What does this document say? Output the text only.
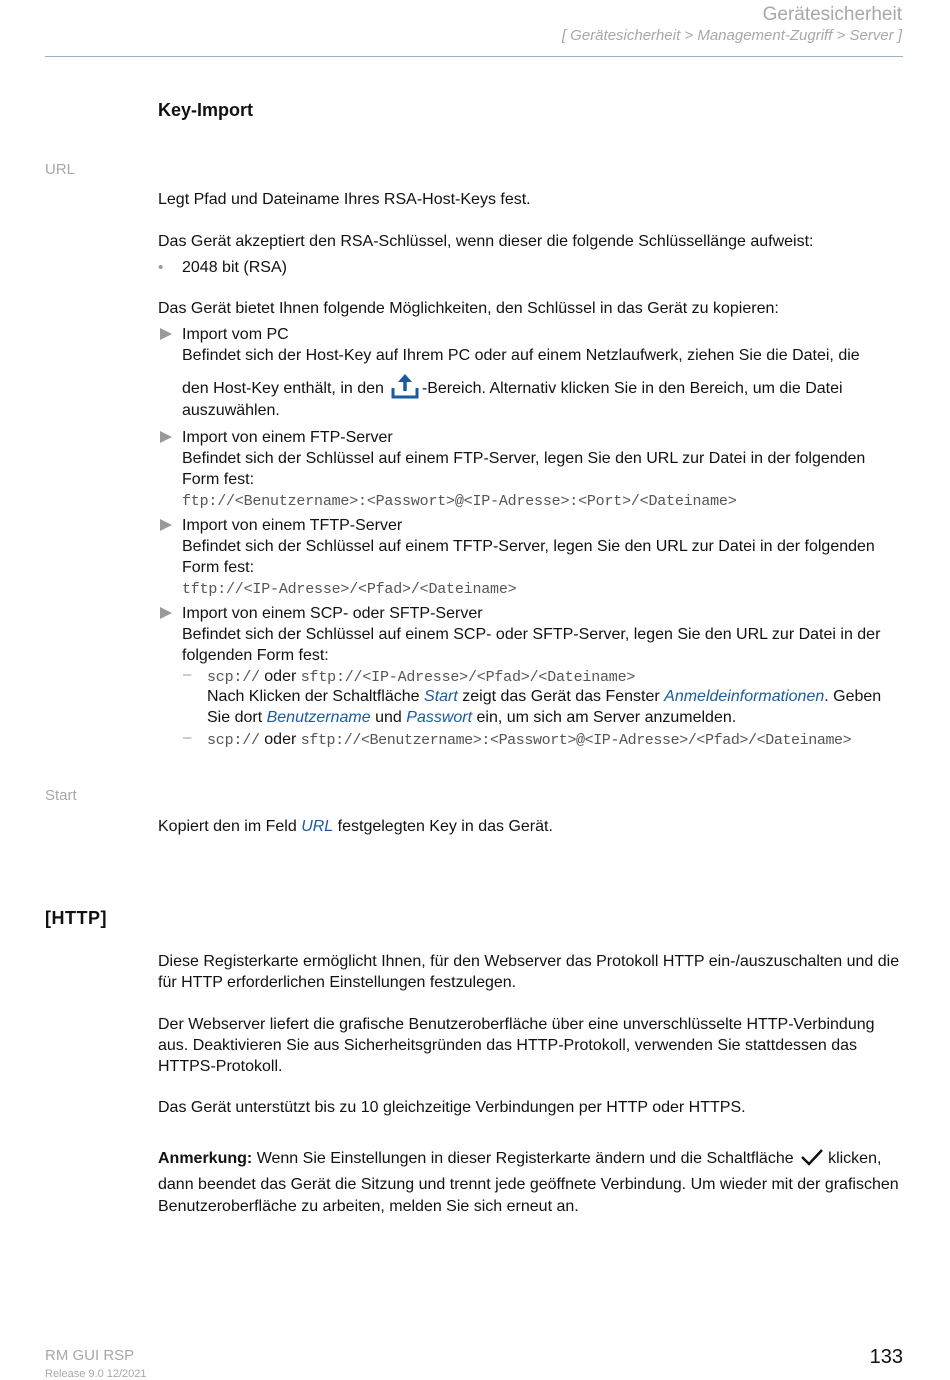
Gerätesicherheit
[ Gerätesicherheit > Management-Zugriff > Server ]
Key-Import
URL
Legt Pfad und Dateiname Ihres RSA-Host-Keys fest.
Das Gerät akzeptiert den RSA-Schlüssel, wenn dieser die folgende Schlüssellänge aufweist:
• 2048 bit (RSA)
Das Gerät bietet Ihnen folgende Möglichkeiten, den Schlüssel in das Gerät zu kopieren:
Import vom PC
Befindet sich der Host-Key auf Ihrem PC oder auf einem Netzlaufwerk, ziehen Sie die Datei, die
den Host-Key enthält, in den -Bereich. Alternativ klicken Sie in den Bereich, um die Datei
auszuwählen.
Import von einem FTP-Server
Befindet sich der Schlüssel auf einem FTP-Server, legen Sie den URL zur Datei in der folgenden Form fest:
ftp://<Benutzername>:<Passwort>@<IP-Adresse>:<Port>/<Dateiname>
Import von einem TFTP-Server
Befindet sich der Schlüssel auf einem TFTP-Server, legen Sie den URL zur Datei in der folgenden Form fest:
tftp://<IP-Adresse>/<Pfad>/<Dateiname>
Import von einem SCP- oder SFTP-Server
Befindet sich der Schlüssel auf einem SCP- oder SFTP-Server, legen Sie den URL zur Datei in der folgenden Form fest:
– scp:// oder sftp://<IP-Adresse>/<Pfad>/<Dateiname>
Nach Klicken der Schaltfläche Start zeigt das Gerät das Fenster Anmeldeinformationen. Geben Sie dort Benutzername und Passwort ein, um sich am Server anzumelden.
– scp:// oder sftp://<Benutzername>:<Passwort>@<IP-Adresse>/<Pfad>/<Dateiname>
Start
Kopiert den im Feld URL festgelegten Key in das Gerät.
[HTTP]
Diese Registerkarte ermöglicht Ihnen, für den Webserver das Protokoll HTTP ein-/auszuschalten und die für HTTP erforderlichen Einstellungen festzulegen.
Der Webserver liefert die grafische Benutzeroberfläche über eine unverschlüsselte HTTP-Verbindung aus. Deaktivieren Sie aus Sicherheitsgründen das HTTP-Protokoll, verwenden Sie stattdessen das HTTPS-Protokoll.
Das Gerät unterstützt bis zu 10 gleichzeitige Verbindungen per HTTP oder HTTPS.
Anmerkung: Wenn Sie Einstellungen in dieser Registerkarte ändern und die Schaltfläche klicken, dann beendet das Gerät die Sitzung und trennt jede geöffnete Verbindung. Um wieder mit der grafischen Benutzeroberfläche zu arbeiten, melden Sie sich erneut an.
RM GUI RSP
Release 9.0 12/2021
133
